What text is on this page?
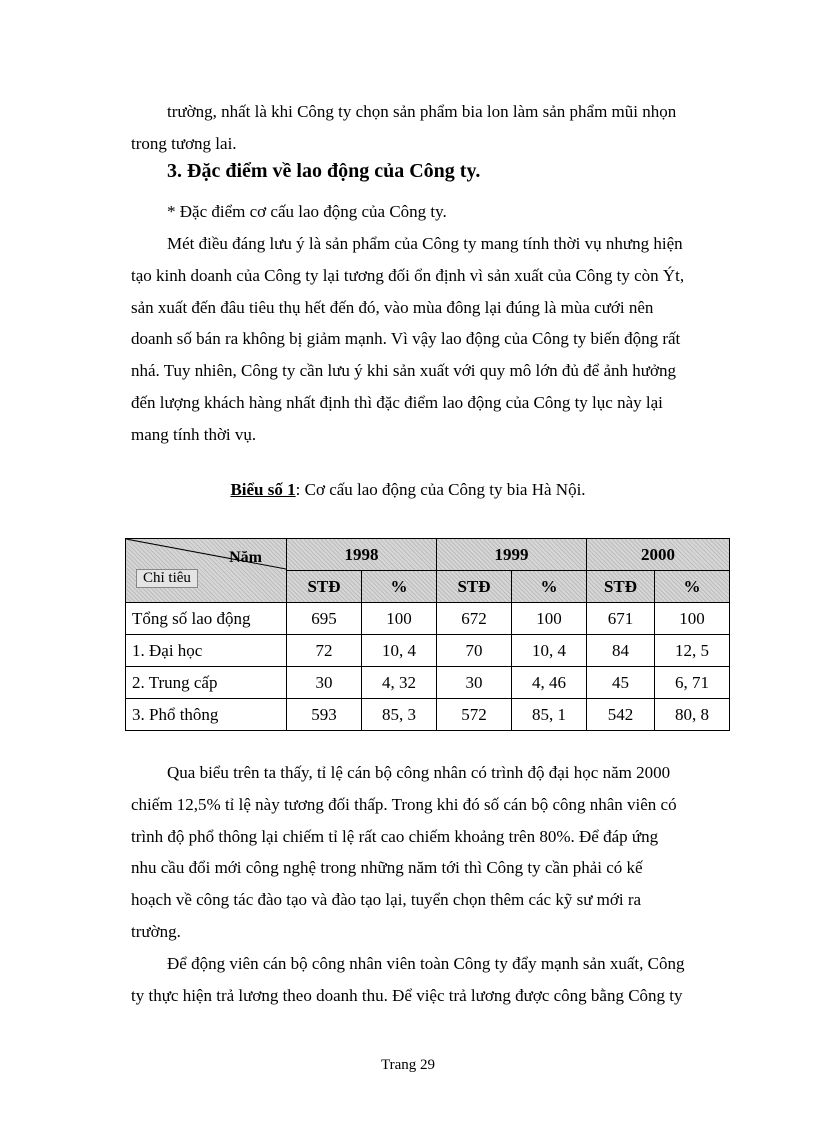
trường, nhất là khi Công ty chọn sản phẩm bia lon làm sản phẩm mũi nhọn
trong tương lai.
3. Đặc điểm về lao động của Công ty.
* Đặc điểm cơ cấu lao động của Công ty.
Mét điều đáng lưu ý là sản phẩm của Công ty mang tính thời vụ nhưng hiện
tạo kinh doanh của Công ty lại tương đối ổn định vì sản xuất của Công ty còn Ýt,
sản xuất đến đâu tiêu thụ hết đến đó, vào mùa đông lại đúng là mùa cưới nên
doanh số bán ra không bị giảm mạnh. Vì vậy lao động của Công ty biến động rất
nhá. Tuy nhiên, Công ty cần lưu ý khi sản xuất với quy mô lớn đủ để ảnh hưởng
đến lượng khách hàng nhất định thì đặc điểm lao động của Công ty lục này lại
mang tính thời vụ.
Biểu số 1: Cơ cấu lao động của Công ty bia Hà Nội.
Năm
Chỉ tiêu	1998		1999		2000	
	STĐ	%	STĐ	%	STĐ	%
Tổng số lao động	695	100	672	100	671	100
1. Đại học	72	10, 4	70	10, 4	84	12, 5
2. Trung cấp	30	4, 32	30	4, 46	45	6, 71
3. Phổ thông	593	85, 3	572	85, 1	542	80, 8
Qua biểu trên ta thấy, tỉ lệ cán bộ công nhân có trình độ đại học năm 2000
chiếm 12,5% tỉ lệ này tương đối thấp. Trong khi đó số cán bộ công nhân viên có
trình độ phổ thông lại chiếm tỉ lệ rất cao chiếm khoảng trên 80%. Để đáp ứng
nhu cầu đổi mới công nghệ trong những năm tới thì Công ty cần phải có kế
hoạch về công tác đào tạo và đào tạo lại, tuyển chọn thêm các kỹ sư mới ra
trường.
Để động viên cán bộ công nhân viên toàn Công ty đẩy mạnh sản xuất, Công
ty thực hiện trả lương theo doanh thu. Để việc trả lương được công bằng Công ty
Trang 29
